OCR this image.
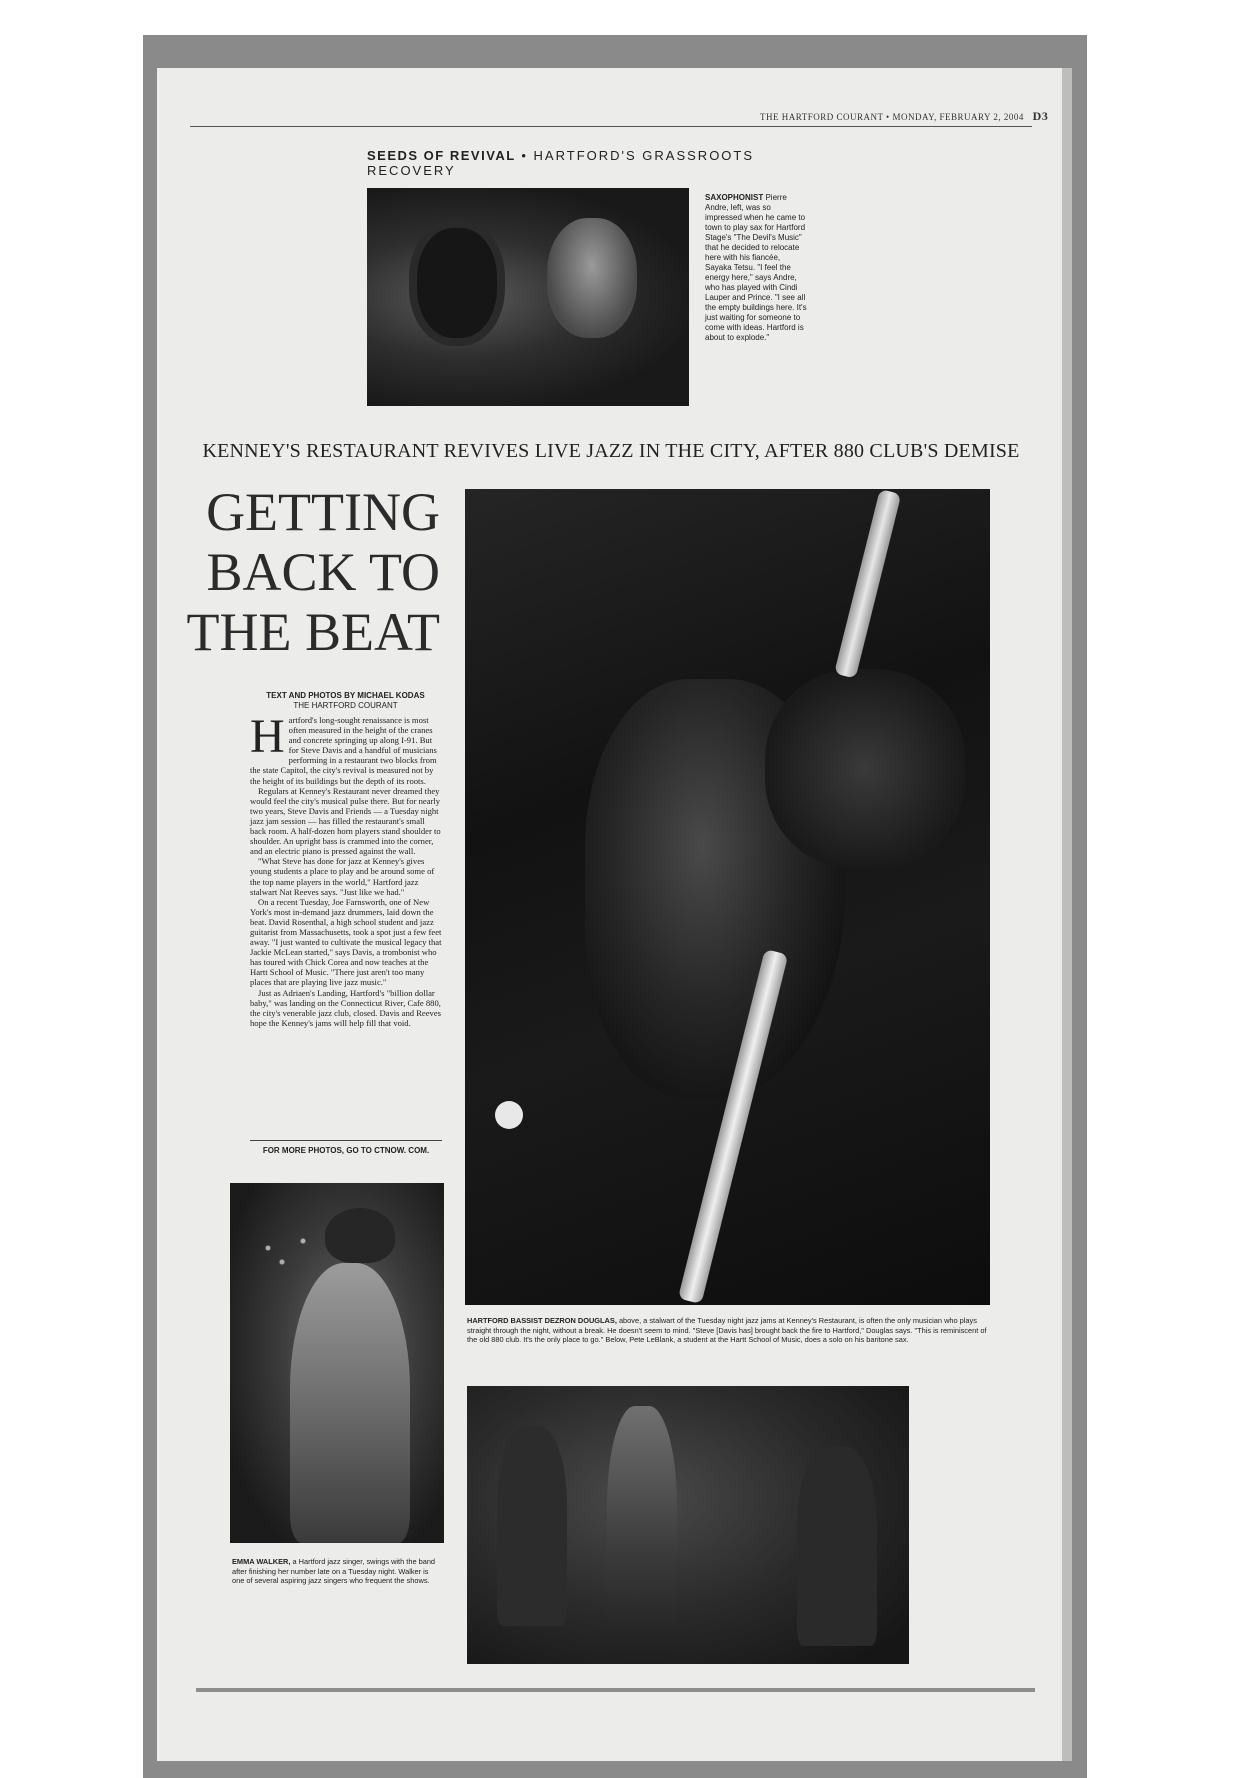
THE HARTFORD COURANT • MONDAY, FEBRUARY 2, 2004 D3
SEEDS OF REVIVAL • HARTFORD'S GRASSROOTS RECOVERY
SAXOPHONIST Pierre Andre, left, was so impressed when he came to town to play sax for Hartford Stage's "The Devil's Music" that he decided to relocate here with his fiancée, Sayaka Tetsu. "I feel the energy here," says Andre, who has played with Cindi Lauper and Prince. "I see all the empty buildings here. It's just waiting for someone to come with ideas. Hartford is about to explode."
KENNEY'S RESTAURANT REVIVES LIVE JAZZ IN THE CITY, AFTER 880 CLUB'S DEMISE
GETTING
BACK TO
THE BEAT
TEXT AND PHOTOS BY MICHAEL KODAS
THE HARTFORD COURANT

Hartford's long-sought renaissance is most often measured in the height of the cranes and concrete springing up along I-91. But for Steve Davis and a handful of musicians performing in a restaurant two blocks from the state Capitol, the city's revival is measured not by the height of its buildings but the depth of its roots.

Regulars at Kenney's Restaurant never dreamed they would feel the city's musical pulse there. But for nearly two years, Steve Davis and Friends — a Tuesday night jazz jam session — has filled the restaurant's small back room. A half-dozen horn players stand shoulder to shoulder. An upright bass is crammed into the corner, and an electric piano is pressed against the wall.

"What Steve has done for jazz at Kenney's gives young students a place to play and be around some of the top name players in the world," Hartford jazz stalwart Nat Reeves says. "Just like we had."

On a recent Tuesday, Joe Farnsworth, one of New York's most in-demand jazz drummers, laid down the beat. David Rosenthal, a high school student and jazz guitarist from Massachusetts, took a spot just a few feet away. "I just wanted to cultivate the musical legacy that Jackie McLean started," says Davis, a trombonist who has toured with Chick Corea and now teaches at the Hartt School of Music. "There just aren't too many places that are playing live jazz music."

Just as Adriaen's Landing, Hartford's "billion dollar baby," was landing on the Connecticut River, Cafe 880, the city's venerable jazz club, closed. Davis and Reeves hope the Kenney's jams will help fill that void.

FOR MORE PHOTOS, GO TO CTNOW. COM.
HARTFORD BASSIST DEZRON DOUGLAS, above, a stalwart of the Tuesday night jazz jams at Kenney's Restaurant, is often the only musician who plays straight through the night, without a break. He doesn't seem to mind. "Steve [Davis has] brought back the fire to Hartford," Douglas says. "This is reminiscent of the old 880 club. It's the only place to go." Below, Pete LeBlank, a student at the Hartt School of Music, does a solo on his baritone sax.
EMMA WALKER, a Hartford jazz singer, swings with the band after finishing her number late on a Tuesday night. Walker is one of several aspiring jazz singers who frequent the shows.
